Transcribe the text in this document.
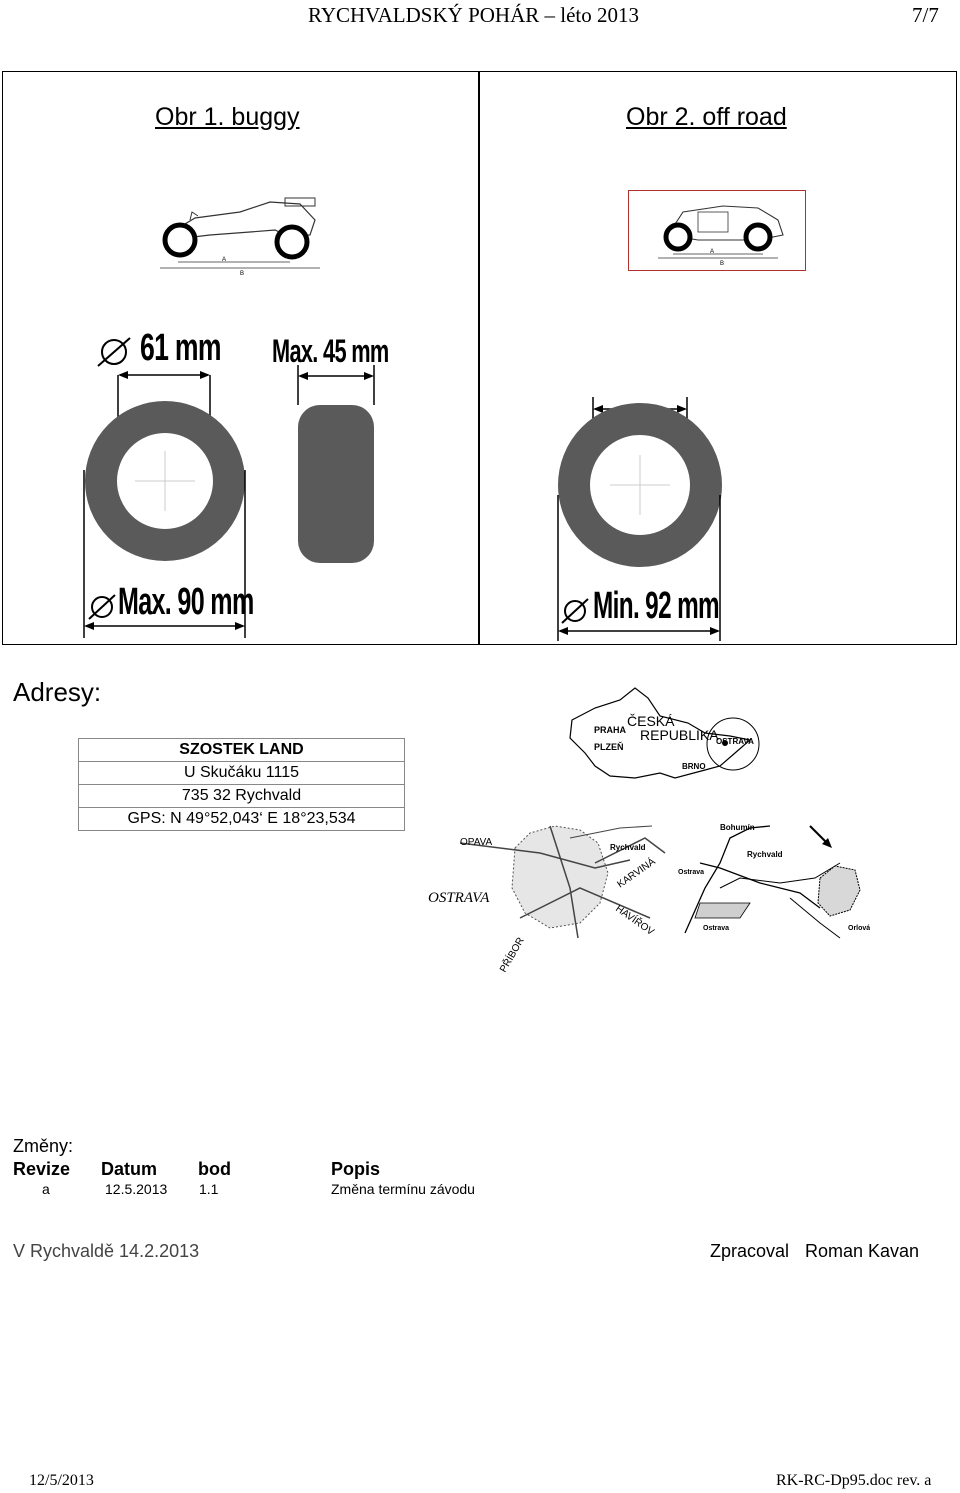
RYCHVALDSKÝ POHÁR – léto 2013	7/7
Obr 1. buggy	Obr 2. off road
A
B
A
B
61 mm Max. 45 mm
Max. 90 mm	Min. 92 mm
Adresy:
SZOSTEK LAND
U Skučáku 1115
735 32 Rychvald
GPS: N 49°52,043‘ E 18°23,534
PRAHA
PLZEŇ
BRNO
OSTRAVA
ČESKÁ
REPUBLIKA
OPAVA	Rychvald
OSTRAVA
KARVINÁ
HAVÍŘOV
PŘÍBOR
Bohumín
Rychvald
Ostrava
Ostrava	Orlová
Změny:
Revize Datum bod	Popis
a	12.5.2013 1.1	Změna termínu závodu
V Rychvaldě 14.2.2013	Zpracoval Roman Kavan
12/5/2013	RK-RC-Dp95.doc rev. a
